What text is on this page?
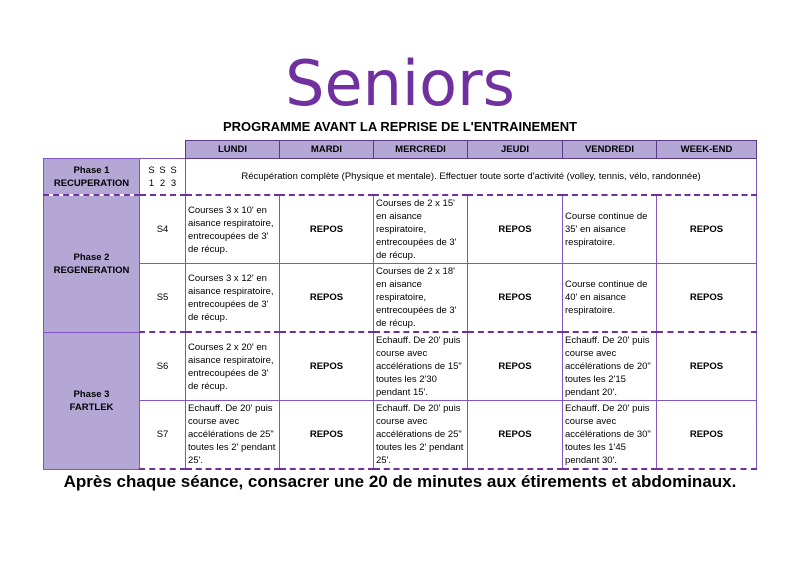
Seniors
PROGRAMME AVANT LA REPRISE DE L'ENTRAINEMENT
		LUNDI	MARDI	MERCREDI	JEUDI	VENDREDI	WEEK-END

Phase 1
RECUPERATION	S 1S 2S 3	Récupération complète (Physique et mentale). Effectuer toute sorte d'activité (volley, tennis, vélo, randonnée)					

Phase 2
REGENERATION	S4	Courses 3 x 10' en aisance respiratoire, entrecoupées de 3' de récup.	REPOS	Courses de 2 x 15' en aisance respiratoire, entrecoupées de 3' de récup.	REPOS	Course continue de 35' en aisance respiratoire.	REPOS
	S5	Courses 3 x 12' en aisance respiratoire, entrecoupées de 3' de récup.	REPOS	Courses de 2 x 18' en aisance respiratoire, entrecoupées de 3' de récup.	REPOS	Course continue de 40' en aisance respiratoire.	REPOS

Phase 3
FARTLEK	S6	Courses 2 x 20' en aisance respiratoire, entrecoupées de 3' de récup.	REPOS	Echauff. De 20' puis course avec accélérations de 15" toutes les 2'30 pendant 15'.	REPOS	Echauff. De 20' puis course avec accélérations de 20" toutes les 2'15 pendant 20'.	REPOS
	S7	Echauff. De 20' puis course avec accélérations de 25" toutes les 2' pendant 25'.	REPOS	Echauff. De 20' puis course avec accélérations de 25" toutes les 2' pendant 25'.	REPOS	Echauff. De 20' puis course avec accélérations de 30" toutes les 1'45 pendant 30'.	REPOS
Après chaque séance, consacrer une 20 de minutes aux étirements et abdominaux.
